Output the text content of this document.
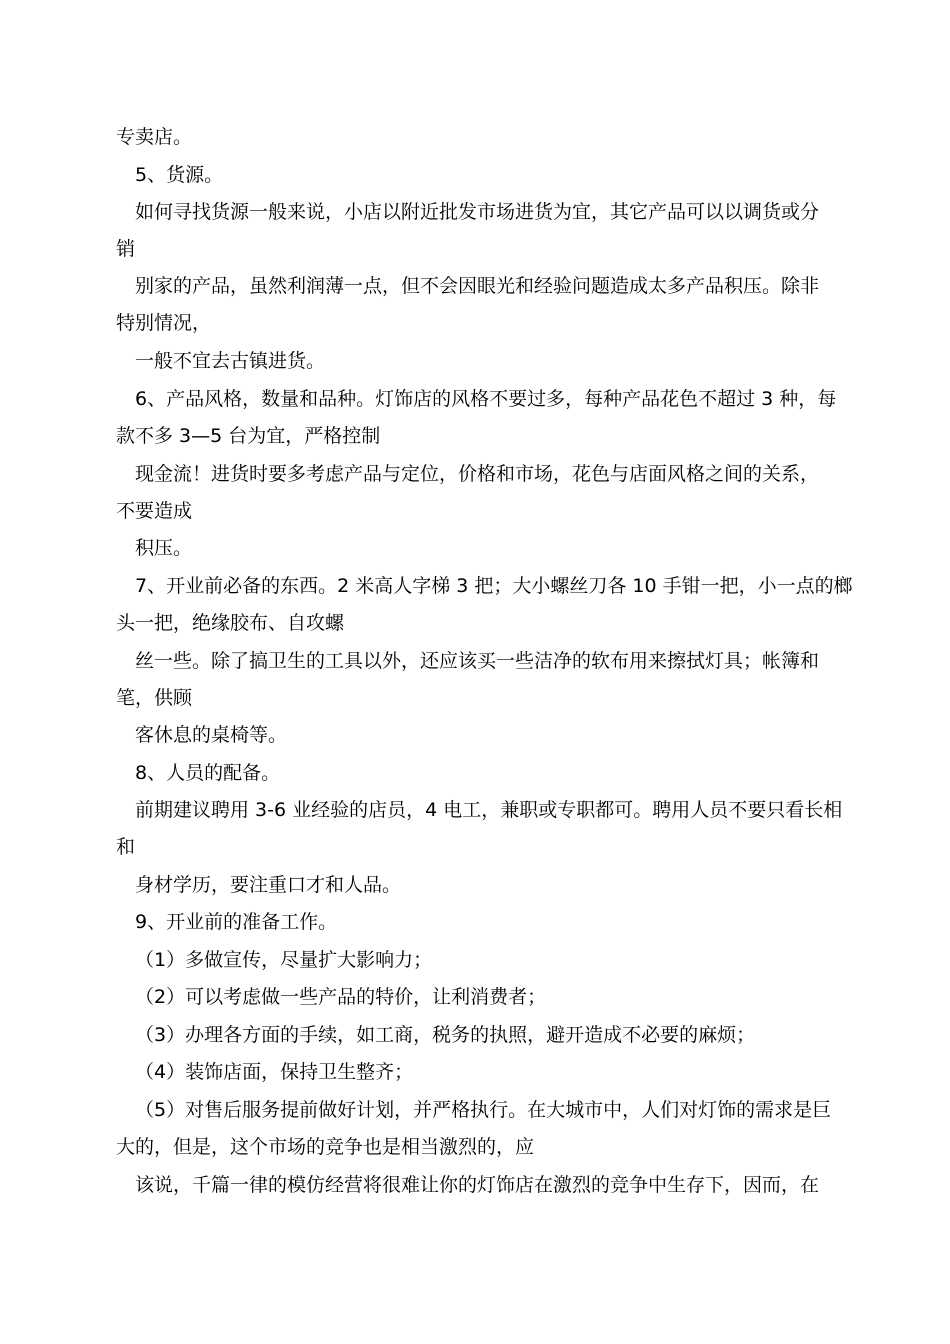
专卖店。
5、货源。
如何寻找货源一般来说，小店以附近批发市场进货为宜，其它产品可以以调货或分
销
别家的产品，虽然利润薄一点，但不会因眼光和经验问题造成太多产品积压。除非
特别情况，
一般不宜去古镇进货。
6、产品风格，数量和品种。灯饰店的风格不要过多，每种产品花色不超过 3 种，每
款不多 3—5 台为宜，严格控制
现金流！进货时要多考虑产品与定位，价格和市场，花色与店面风格之间的关系，
不要造成
积压。
7、开业前必备的东西。2 米高人字梯 3 把；大小螺丝刀各 10 手钳一把，小一点的榔
头一把，绝缘胶布、自攻螺
丝一些。除了搞卫生的工具以外，还应该买一些洁净的软布用来擦拭灯具；帐簿和
笔，供顾
客休息的桌椅等。
8、人员的配备。
前期建议聘用 3-6 业经验的店员，4 电工，兼职或专职都可。聘用人员不要只看长相
和
身材学历，要注重口才和人品。
9、开业前的准备工作。
（1）多做宣传，尽量扩大影响力；
（2）可以考虑做一些产品的特价，让利消费者；
（3）办理各方面的手续，如工商，税务的执照，避开造成不必要的麻烦；
（4）装饰店面，保持卫生整齐；
（5）对售后服务提前做好计划，并严格执行。在大城市中，人们对灯饰的需求是巨
大的，但是，这个市场的竞争也是相当激烈的，应
该说，千篇一律的模仿经营将很难让你的灯饰店在激烈的竞争中生存下，因而，在
